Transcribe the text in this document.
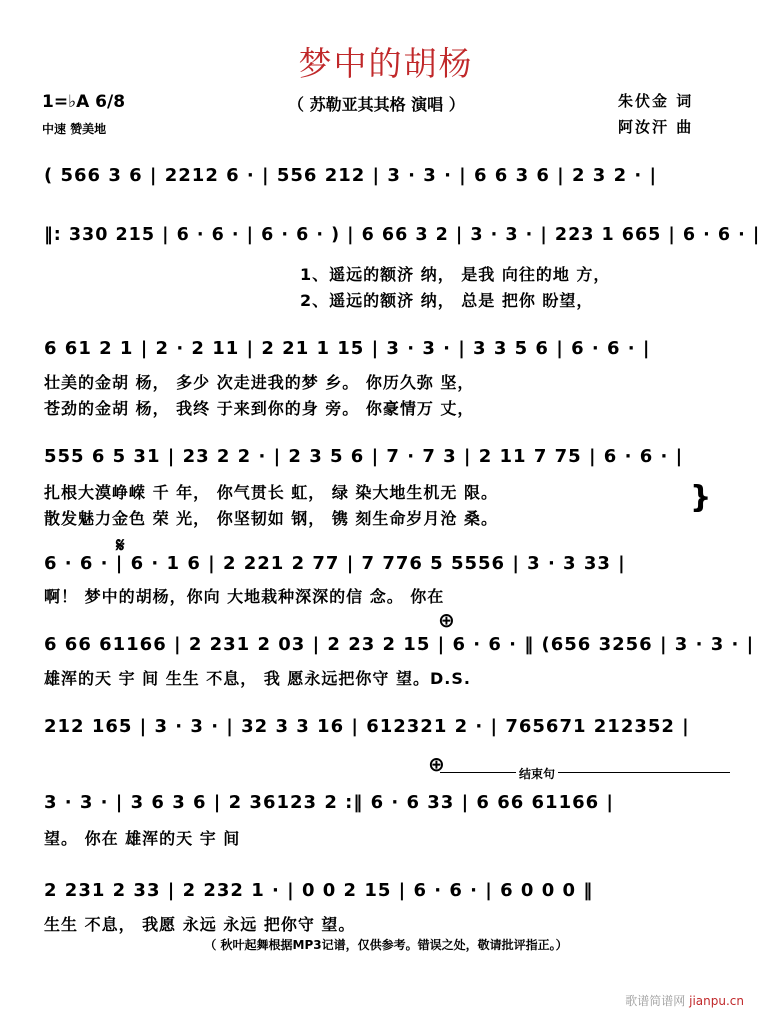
梦中的胡杨
1=♭A 6/8
中速 赞美地
（ 苏勒亚其其格 演唱 ）	朱伏金 词
阿汝汗 曲
( 566 3 6 | 2212 6 · | 556 212 | 3 · 3 · | 6 6 3 6 | 2 3 2 · |
‖: 330 215 | 6 · 6 · | 6 · 6 · ) | 6 66 3 2 | 3 · 3 · | 223 1 665 | 6 · 6 · |
1、遥远的额济 纳， 是我 向往的地 方，
2、遥远的额济 纳， 总是 把你 盼望，
6 61 2 1 | 2 · 2 11 | 2 21 1 15 | 3 · 3 · | 3 3 5 6 | 6 · 6 · |
壮美的金胡 杨， 多少 次走进我的梦 乡。 你历久弥 坚，
苍劲的金胡 杨， 我终 于来到你的身 旁。 你豪情万 丈，
555 6 5 31 | 23 2 2 · | 2 3 5 6 | 7 · 7 3 | 2 11 7 75 | 6 · 6 · |
扎根大漠峥嵘 千 年， 你气贯长 虹， 绿 染大地生机无 限。
散发魅力金色 荣 光， 你坚韧如 钢， 镌 刻生命岁月沧 桑。
}
𝄋
6 · 6 · | 6 · 1 6 | 2 221 2 77 | 7 776 5 5556 | 3 · 3 33 |
啊！ 梦中的胡杨，你向 大地栽种深深的信 念。 你在
⊕
6 66 61166 | 2 231 2 03 | 2 23 2 15 | 6 · 6 · ‖ (656 3256 | 3 · 3 · |
雄浑的天 宇 间 生生 不息， 我 愿永远把你守 望。D.S.
212 165 | 3 · 3 · | 32 3 3 16 | 612321 2 · | 765671 212352 |
⊕	结束句
3 · 3 · | 3 6 3 6 | 2 36123 2 :‖ 6 · 6 33 | 6 66 61166 |
望。 你在 雄浑的天 宇 间
2 231 2 33 | 2 232 1 · | 0 0 2 15 | 6 · 6 · | 6 0 0 0 ‖
生生 不息， 我愿 永远 永远 把你守 望。
（ 秋叶起舞根据MP3记谱，仅供参考。错误之处，敬请批评指正。）
歌谱简谱网 jianpu.cn
